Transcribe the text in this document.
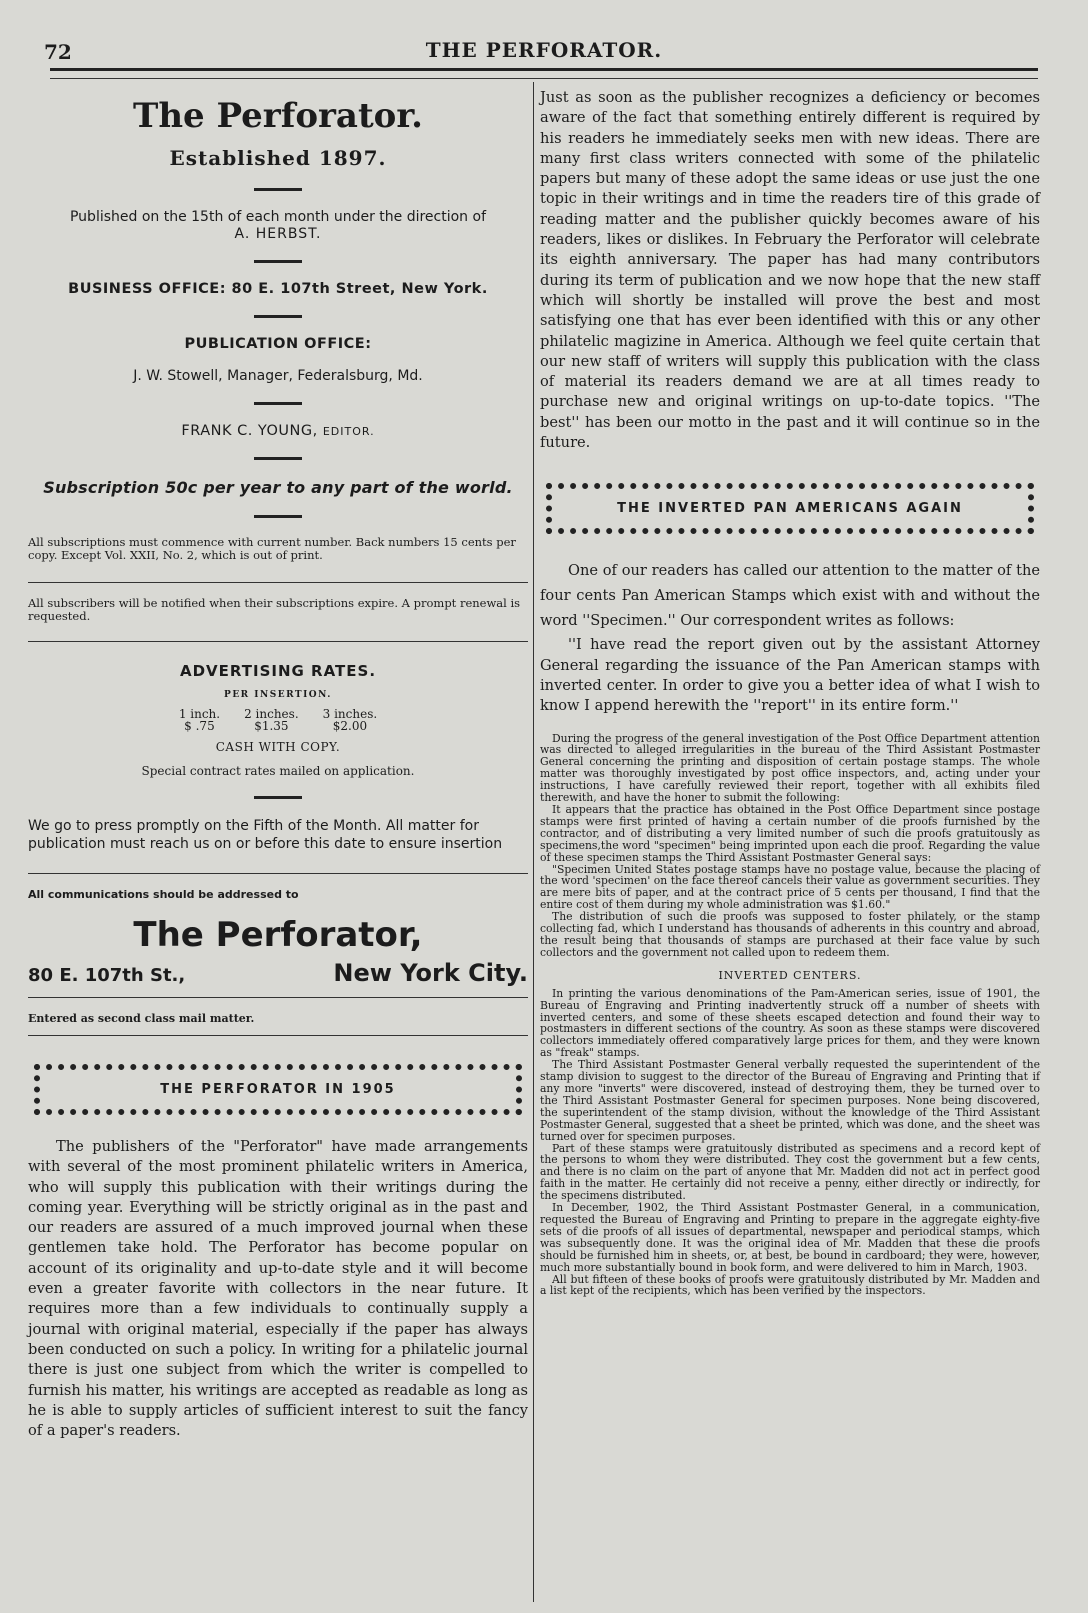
72	THE PERFORATOR.
The Perforator.
Established 1897.
Published on the 15th of each month under the direction of
A. HERBST.
BUSINESS OFFICE: 80 E. 107th Street, New York.
PUBLICATION OFFICE:
J. W. Stowell, Manager, Federalsburg, Md.
FRANK C. YOUNG, EDITOR.
Subscription 50c per year to any part of the world.
All subscriptions must commence with current number. Back numbers 15 cents per copy. Except Vol. XXII, No. 2, which is out of print.
All subscribers will be notified when their subscriptions expire. A prompt renewal is requested.
ADVERTISING RATES.
PER INSERTION.
1 inch.
$ .75
2 inches.
$1.35
3 inches.
$2.00
CASH WITH COPY.
Special contract rates mailed on application.
We go to press promptly on the Fifth of the Month. All matter for publication must reach us on or before this date to ensure insertion
All communications should be addressed to
The Perforator,
80 E. 107th St.,	New York City.
Entered as second class mail matter.
THE PERFORATOR IN 1905
The publishers of the "Perforator" have made arrangements with several of the most prominent philatelic writers in America, who will supply this publication with their writings during the coming year. Everything will be strictly original as in the past and our readers are assured of a much improved journal when these gentlemen take hold. The Perforator has become popular on account of its originality and up-to-date style and it will become even a greater favorite with collectors in the near future. It requires more than a few individuals to continually supply a journal with original material, especially if the paper has always been conducted on such a policy. In writing for a philatelic journal there is just one subject from which the writer is compelled to furnish his matter, his writings are accepted as readable as long as he is able to supply articles of sufficient interest to suit the fancy of a paper's readers.
Just as soon as the publisher recognizes a deficiency or becomes aware of the fact that something entirely different is required by his readers he immediately seeks men with new ideas. There are many first class writers connected with some of the philatelic papers but many of these adopt the same ideas or use just the one topic in their writings and in time the readers tire of this grade of reading matter and the publisher quickly becomes aware of his readers, likes or dislikes. In February the Perforator will celebrate its eighth anniversary. The paper has had many contributors during its term of publication and we now hope that the new staff which will shortly be installed will prove the best and most satisfying one that has ever been identified with this or any other philatelic magizine in America. Although we feel quite certain that our new staff of writers will supply this publication with the class of material its readers demand we are at all times ready to purchase new and original writings on up-to-date topics. ''The best'' has been our motto in the past and it will continue so in the future.
THE INVERTED PAN AMERICANS AGAIN
One of our readers has called our attention to the matter of the four cents Pan American Stamps which exist with and without the word ''Specimen.'' Our correspondent writes as follows:
''I have read the report given out by the assistant Attorney General regarding the issuance of the Pan American stamps with inverted center. In order to give you a better idea of what I wish to know I append herewith the ''report'' in its entire form.''

During the progress of the general investigation of the Post Office Department attention was directed to alleged irregularities in the bureau of the Third Assistant Postmaster General concerning the printing and disposition of certain postage stamps. The whole matter was thoroughly investigated by post office inspectors, and, acting under your instructions, I have carefully reviewed their report, together with all exhibits filed therewith, and have the honer to submit the following:

It appears that the practice has obtained in the Post Office Department since postage stamps were first printed of having a certain number of die proofs furnished by the contractor, and of distributing a very limited number of such die proofs gratuitously as specimens,the word "specimen" being imprinted upon each die proof. Regarding the value of these specimen stamps the Third Assistant Postmaster General says:

"Specimen United States postage stamps have no postage value, because the placing of the word 'specimen' on the face thereof cancels their value as government securities. They are mere bits of paper, and at the contract price of 5 cents per thousand, I find that the entire cost of them during my whole administration was $1.60."

The distribution of such die proofs was supposed to foster philately, or the stamp collecting fad, which I understand has thousands of adherents in this country and abroad, the result being that thousands of stamps are purchased at their face value by such collectors and the government not called upon to redeem them.

INVERTED CENTERS.

In printing the various denominations of the Pam-American series, issue of 1901, the Bureau of Engraving and Printing inadvertently struck off a number of sheets with inverted centers, and some of these sheets escaped detection and found their way to postmasters in different sections of the country. As soon as these stamps were discovered collectors immediately offered comparatively large prices for them, and they were known as "freak" stamps.

The Third Assistant Postmaster General verbally requested the superintendent of the stamp division to suggest to the director of the Bureau of Engraving and Printing that if any more "inverts" were discovered, instead of destroying them, they be turned over to the Third Assistant Postmaster General for specimen purposes. None being discovered, the superintendent of the stamp division, without the knowledge of the Third Assistant Postmaster General, suggested that a sheet be printed, which was done, and the sheet was turned over for specimen purposes.

Part of these stamps were gratuitously distributed as specimens and a record kept of the persons to whom they were distributed. They cost the government but a few cents, and there is no claim on the part of anyone that Mr. Madden did not act in perfect good faith in the matter. He certainly did not receive a penny, either directly or indirectly, for the specimens distributed.

In December, 1902, the Third Assistant Postmaster General, in a communication, requested the Bureau of Engraving and Printing to prepare in the aggregate eighty-five sets of die proofs of all issues of departmental, newspaper and periodical stamps, which was subsequently done. It was the original idea of Mr. Madden that these die proofs should be furnished him in sheets, or, at best, be bound in cardboard; they were, however, much more substantially bound in book form, and were delivered to him in March, 1903.

All but fifteen of these books of proofs were gratuitously distributed by Mr. Madden and a list kept of the recipients, which has been verified by the inspectors.
